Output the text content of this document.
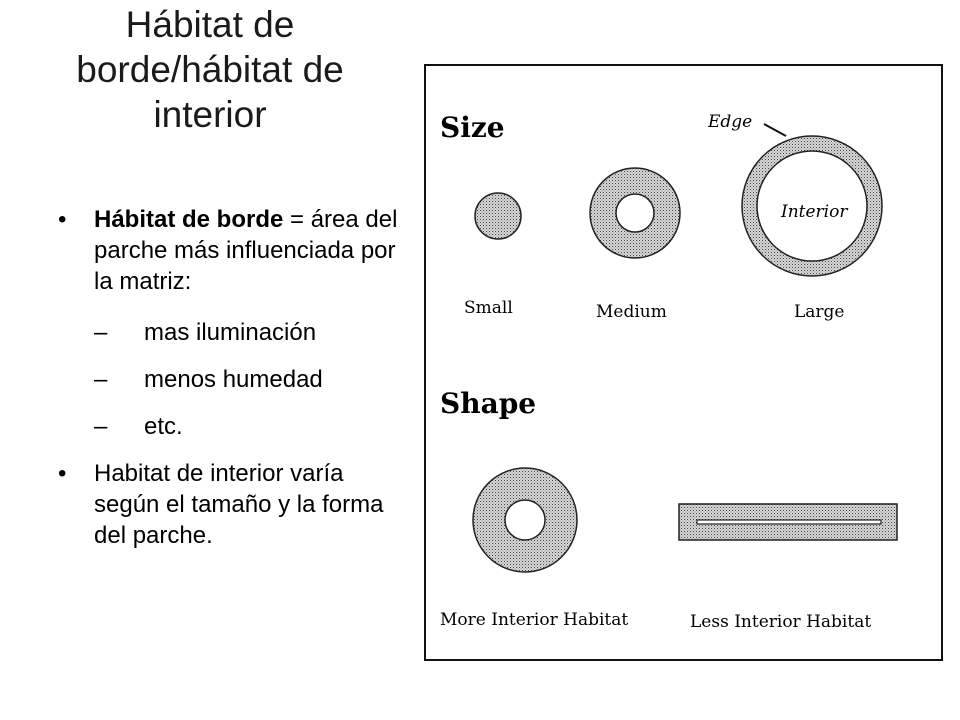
Hábitat de borde/hábitat de interior
• Hábitat de borde = área del parche más influenciada por la matriz:
– mas iluminación
– menos humedad
– etc.
• Habitat de interior varía según el tamaño y la forma del parche.
Size	Edge
Interior
Small	Medium	Large
Shape
More Interior Habitat	Less Interior Habitat
